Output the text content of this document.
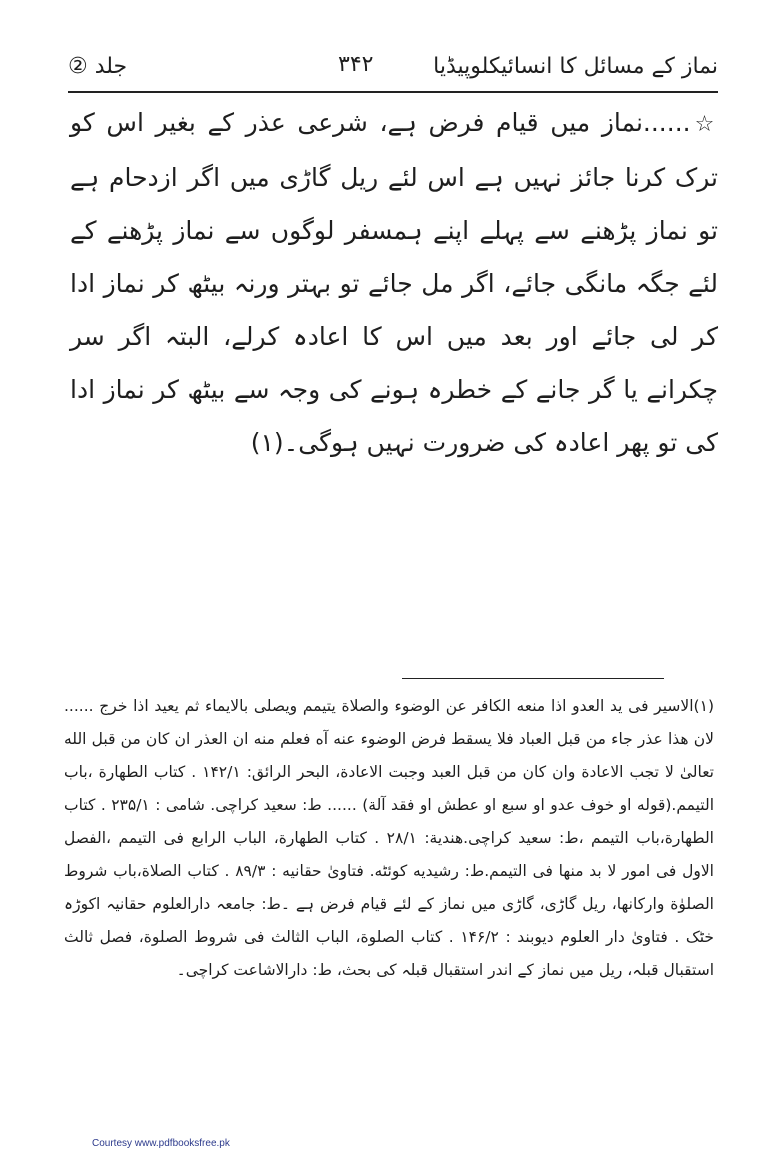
نماز کے مسائل کا انسائیکلوپیڈیا
۳۴۲
جلد ②
☆......نماز میں قیام فرض ہے، شرعی عذر کے بغیر اس کو ترک کرنا جائز نہیں ہے اس لئے ریل گاڑی میں اگر ازدحام ہے تو نماز پڑھنے سے پہلے اپنے ہمسفر لوگوں سے نماز پڑھنے کے لئے جگہ مانگی جائے، اگر مل جائے تو بہتر ورنہ بیٹھ کر نماز ادا کر لی جائے اور بعد میں اس کا اعادہ کرلے، البتہ اگر سر چکرانے یا گر جانے کے خطرہ ہونے کی وجہ سے بیٹھ کر نماز ادا کی تو پھر اعادہ کی ضرورت نہیں ہوگی۔(۱)
(۱)الاسیر فی ید العدو اذا منعه الکافر عن الوضوء والصلاة یتیمم ویصلی بالایماء ثم یعید اذا خرج ...... لان هذا عذر جاء من قبل العباد فلا یسقط فرض الوضوء عنه آه فعلم منه ان العذر ان کان من قبل الله تعالیٰ لا تجب الاعادة وان کان من قبل العبد وجبت الاعادة، البحر الرائق: ۱۴۲/۱ . کتاب الطهارة ،باب التیمم.(قوله او خوف عدو او سبع او عطش او فقد آلة) ...... ط: سعید کراچی. شامی : ۲۳۵/۱ . کتاب الطهارة،باب التیمم ،ط: سعید کراچی.هندیة: ۲۸/۱ . کتاب الطهارة، الباب الرابع فی التیمم ،الفصل الاول فی امور لا بد منها فی التیمم.ط: رشیدیه کوئٹه. فتاویٰ حقانیه : ۸۹/۳ . کتاب الصلاة،باب شروط الصلوٰة وارکانها، ریل گاڑی، گاڑی میں نماز کے لئے قیام فرض ہے ۔ط: جامعہ دارالعلوم حقانیہ اکوڑہ خٹک . فتاویٰ دار العلوم دیوبند : ۱۴۶/۲ . کتاب الصلوة، الباب الثالث فی شروط الصلوة، فصل ثالث استقبال قبلہ، ریل میں نماز کے اندر استقبال قبلہ کی بحث، ط: دارالاشاعت کراچی۔
Courtesy www.pdfbooksfree.pk
